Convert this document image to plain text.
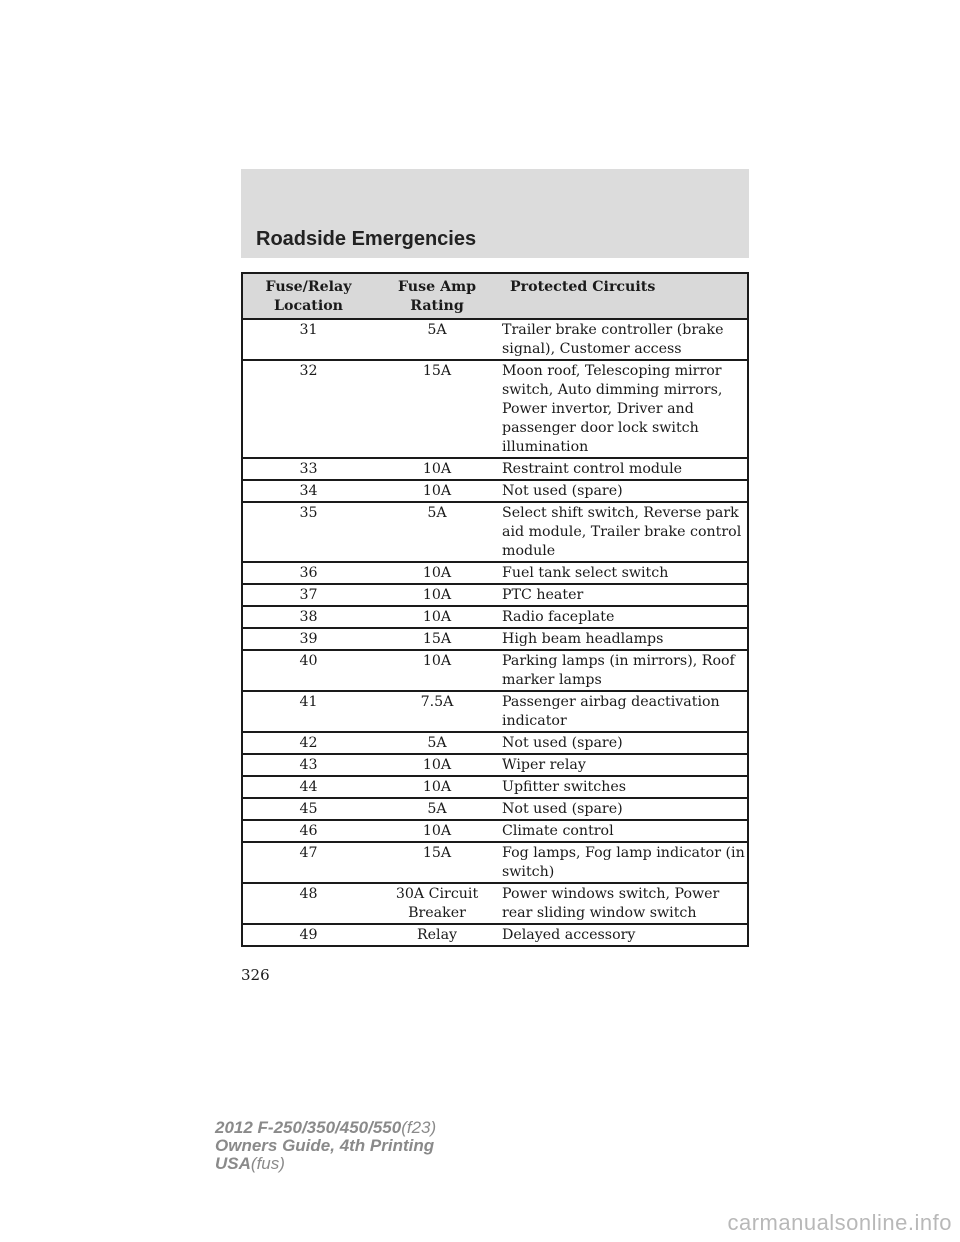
Roadside Emergencies
Fuse/Relay Location	Fuse Amp Rating	Protected Circuits
31	5A	Trailer brake controller (brake signal), Customer access
32	15A	Moon roof, Telescoping mirror switch, Auto dimming mirrors, Power invertor, Driver and passenger door lock switch illumination
33	10A	Restraint control module
34	10A	Not used (spare)
35	5A	Select shift switch, Reverse park aid module, Trailer brake control module
36	10A	Fuel tank select switch
37	10A	PTC heater
38	10A	Radio faceplate
39	15A	High beam headlamps
40	10A	Parking lamps (in mirrors), Roof marker lamps
41	7.5A	Passenger airbag deactivation indicator
42	5A	Not used (spare)
43	10A	Wiper relay
44	10A	Upfitter switches
45	5A	Not used (spare)
46	10A	Climate control
47	15A	Fog lamps, Fog lamp indicator (in switch)
48	30A Circuit Breaker	Power windows switch, Power rear sliding window switch
49	Relay	Delayed accessory

326

2012 F-250/350/450/550(f23)
Owners Guide, 4th Printing
USA(fus)
carmanualsonline.info
